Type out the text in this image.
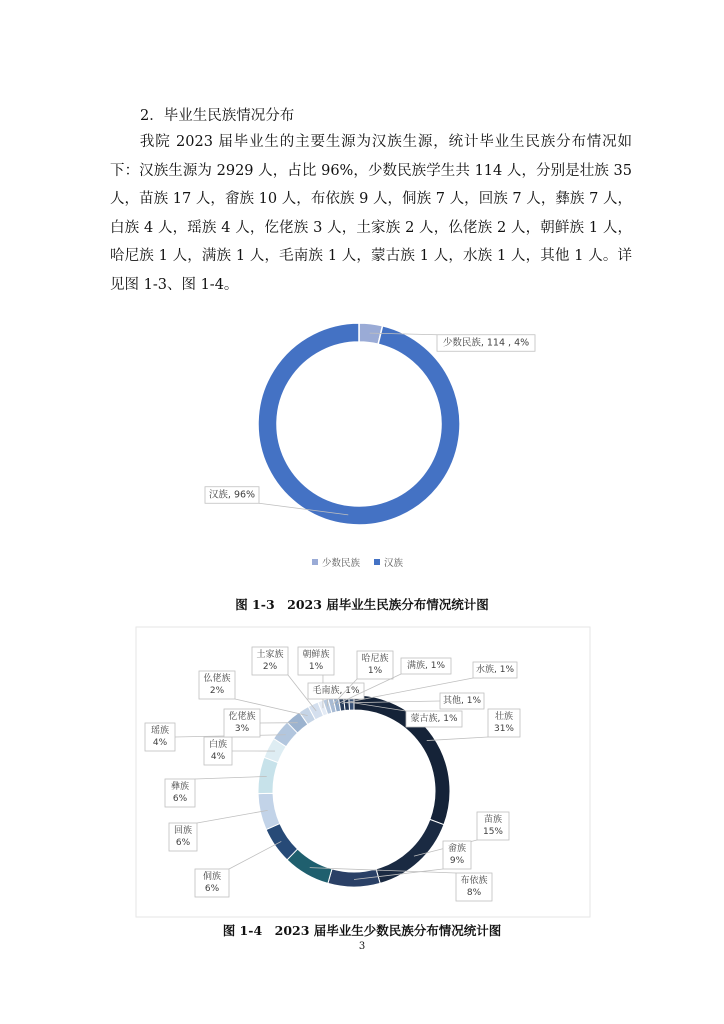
2．毕业生民族情况分布
我院 2023 届毕业生的主要生源为汉族生源，统计毕业生民族分布情况如下：汉族生源为 2929 人，占比 96%，少数民族学生共 114 人，分别是壮族 35 人，苗族 17 人，畲族 10 人，布依族 9 人，侗族 7 人，回族 7 人，彝族 7 人，白族 4 人，瑶族 4 人，仡佬族 3 人，土家族 2 人，仫佬族 2 人，朝鲜族 1 人，哈尼族 1 人，满族 1 人，毛南族 1 人，蒙古族 1 人，水族 1 人，其他 1 人。详见图 1-3、图 1-4。
少数民族, 114 , 4%
汉族, 96%
少数民族	汉族
壮族
31%
苗族
15%
畲族
9%
布依族
8%
侗族
6%
回族
6%
彝族
6%
白族
4%
瑶族
4%
仡佬族
3%
仫佬族
2%
土家族
2%
朝鲜族
1%
毛南族, 1%
哈尼族
1%	满族, 1%	水族, 1%
其他, 1%
蒙古族, 1%
图 1-3　2023 届毕业生民族分布情况统计图
图 1-4　2023 届毕业生少数民族分布情况统计图
3
